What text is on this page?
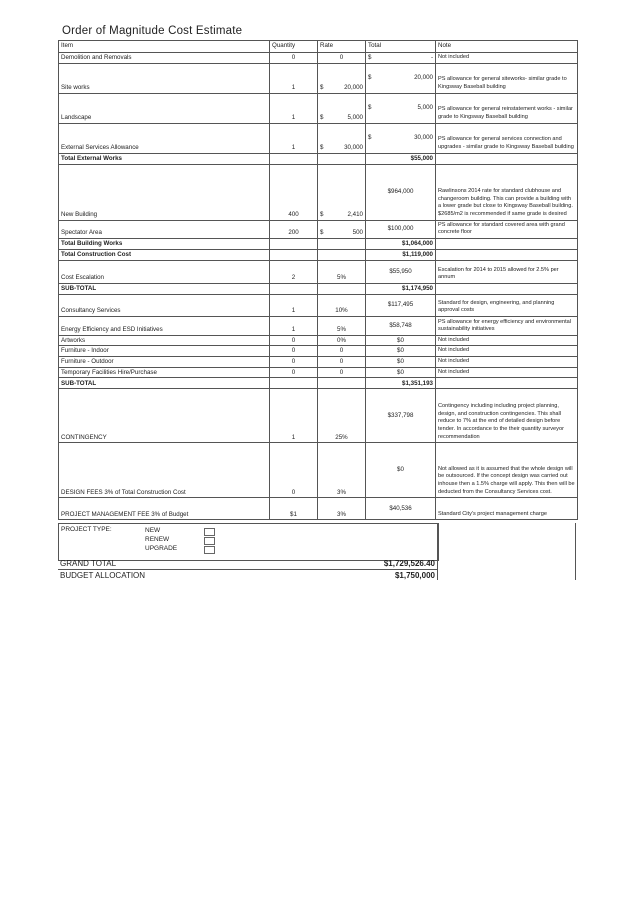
Order of Magnitude Cost Estimate
Item	Quantity	Rate	Total	Note
Demolition and Removals	0	0	$ -	Not included
Site works	1	$ 20,000	$ 20,000	PS allowance for general siteworks- similar grade to Kingsway Baseball building
Landscape	1	$ 5,000	$ 5,000	PS allowance for general reinstatement works - similar grade to Kingsway Baseball building
External Services Allowance	1	$ 30,000	$ 30,000	PS allowance for general services connection and upgrades - similar grade to Kingsway Baseball building
Total External Works			$55,000	
New Building	400	$ 2,410	$964,000	Rawlinsons 2014 rate for standard clubhouse and changeroom building. This can provide a building with a lower grade but close to Kingsway Baseball building. $2685/m2 is recommended if same grade is desired
Spectator Area	200	$ 500	$100,000	PS allowance for standard covered area with grand concrete floor
Total Building Works			$1,064,000	
Total Construction Cost			$1,119,000	
Cost Escalation	2	5%	$55,950	Escalation for 2014 to 2015 allowed for 2.5% per annum
SUB-TOTAL			$1,174,950	
Consultancy Services	1	10%	$117,495	Standard for design, engineering, and planning approval costs
Energy Efficiency and ESD Initiatives	1	5%	$58,748	PS allowance for energy efficiency and environmental sustainability initiatives
Artworks	0	0%	$0	Not included
Furniture - Indoor	0	0	$0	Not included
Furniture - Outdoor	0	0	$0	Not included
Temporary Facilities Hire/Purchase	0	0	$0	Not included
SUB-TOTAL			$1,351,193	
CONTINGENCY	1	25%	$337,798	Contingency including including project planning, design, and construction contingencies. This shall reduce to 7% at the end of detailed design before tender. In accordance to the their quantity surveyor recommendation
DESIGN FEES 3% of Total Construction Cost	0	3%	$0	Not allowed as it is assumed that the whole design will be outsourced. If the concept design was carried out inhouse then a 1.5% charge will apply. This then will be deducted from the Consultancy Services cost.
PROJECT MANAGEMENT FEE 3% of Budget	$1	3%	$40,536	Standard City's project management charge
PROJECT TYPE:	NEW
RENEW
UPGRADE
GRAND TOTAL	$1,729,526.40
BUDGET ALLOCATION	$1,750,000
